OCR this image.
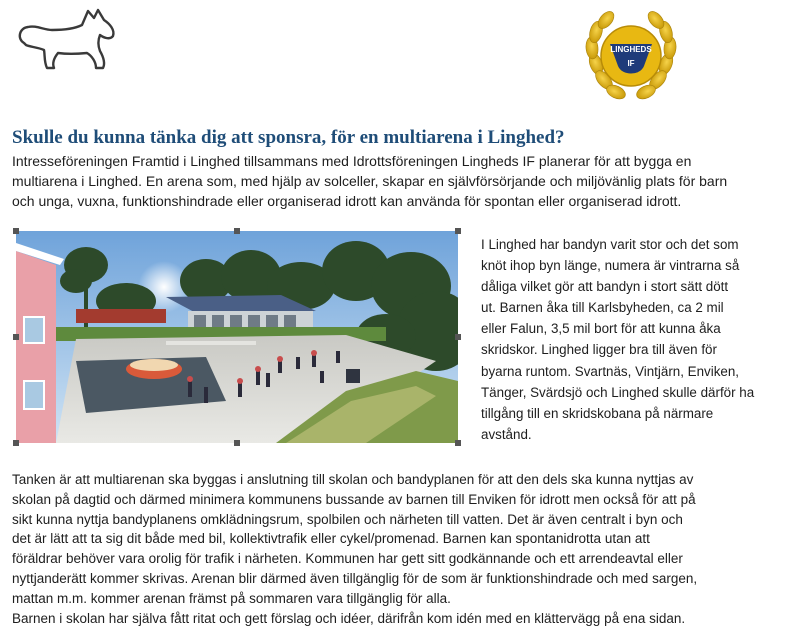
LINGHEDS
IF
Skulle du kunna tänka dig att sponsra, för en multiarena i Linghed?

Intresseföreningen Framtid i Linghed tillsammans med Idrottsföreningen Lingheds IF planerar för att bygga en
multiarena i Linghed. En arena som, med hjälp av solceller, skapar en självförsörjande och miljövänlig plats för barn
och unga, vuxna, funktionshindrade eller organiserad idrott kan använda för spontan eller organiserad idrott.

I Linghed har bandyn varit stor och det som
knöt ihop byn länge, numera är vintrarna så
dåliga vilket gör att bandyn i stort sätt dött
ut. Barnen åka till Karlsbyheden, ca 2 mil
eller Falun, 3,5 mil bort för att kunna åka
skridskor. Linghed ligger bra till även för
byarna runtom. Svartnäs, Vintjärn, Enviken,
Tänger, Svärdsjö och Linghed skulle därför ha
tillgång till en skridskobana på närmare
avstånd.

Tanken är att multiarenan ska byggas i anslutning till skolan och bandyplanen för att den dels ska kunna nyttjas av
skolan på dagtid och därmed minimera kommunens bussande av barnen till Enviken för idrott men också för att på
sikt kunna nyttja bandyplanens omklädningsrum, spolbilen och närheten till vatten. Det är även centralt i byn och
det är lätt att ta sig dit både med bil, kollektivtrafik eller cykel/promenad. Barnen kan spontanidrotta utan att
föräldrar behöver vara orolig för trafik i närheten. Kommunen har gett sitt godkännande och ett arrendeavtal eller
nyttjanderätt kommer skrivas. Arenan blir därmed även tillgänglig för de som är funktionshindrade och med sargen,
mattan m.m. kommer arenan främst på sommaren vara tillgänglig för alla.
Barnen i skolan har själva fått ritat och gett förslag och idéer, därifrån kom idén med en klättervägg på ena sidan.
